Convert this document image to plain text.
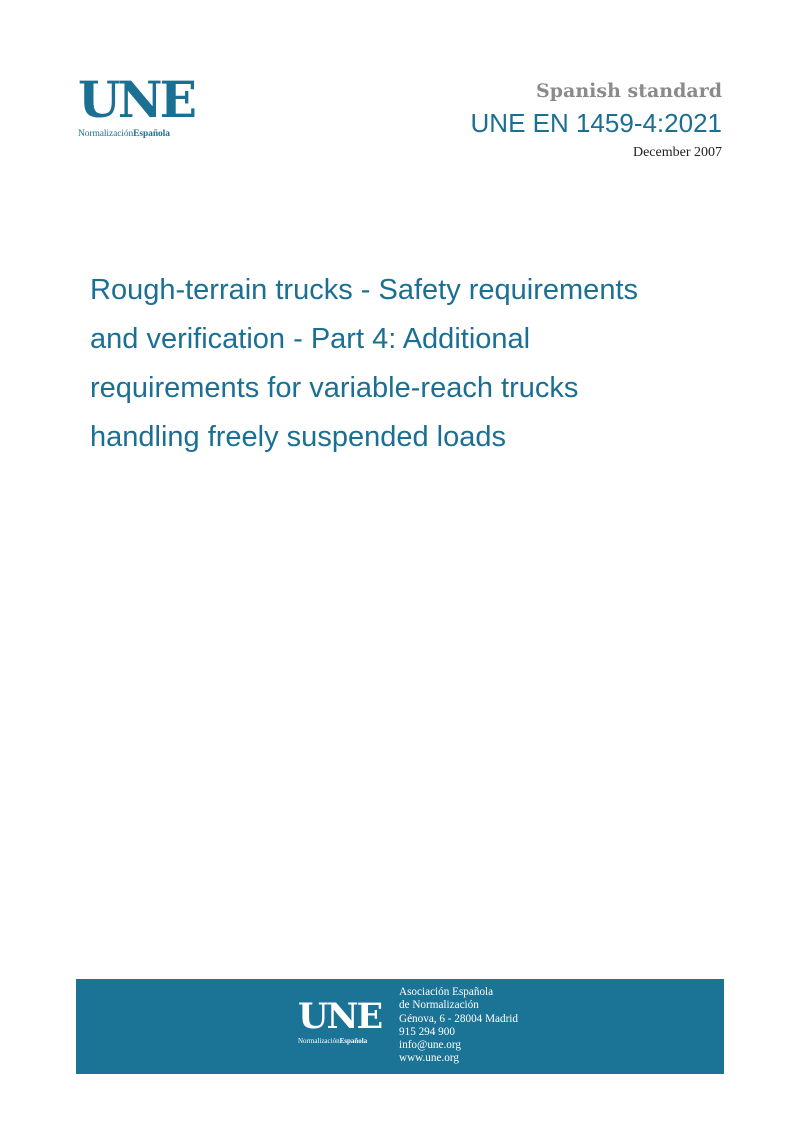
UNE
NormalizaciónEspañola
Spanish standard
UNE EN 1459-4:2021
December 2007
Rough-terrain trucks - Safety requirements
and verification - Part 4: Additional
requirements for variable-reach trucks
handling freely suspended loads
UNE
NormalizaciónEspañola
Asociación Española
de Normalización
Génova, 6 - 28004 Madrid
915 294 900
info@une.org
www.une.org
